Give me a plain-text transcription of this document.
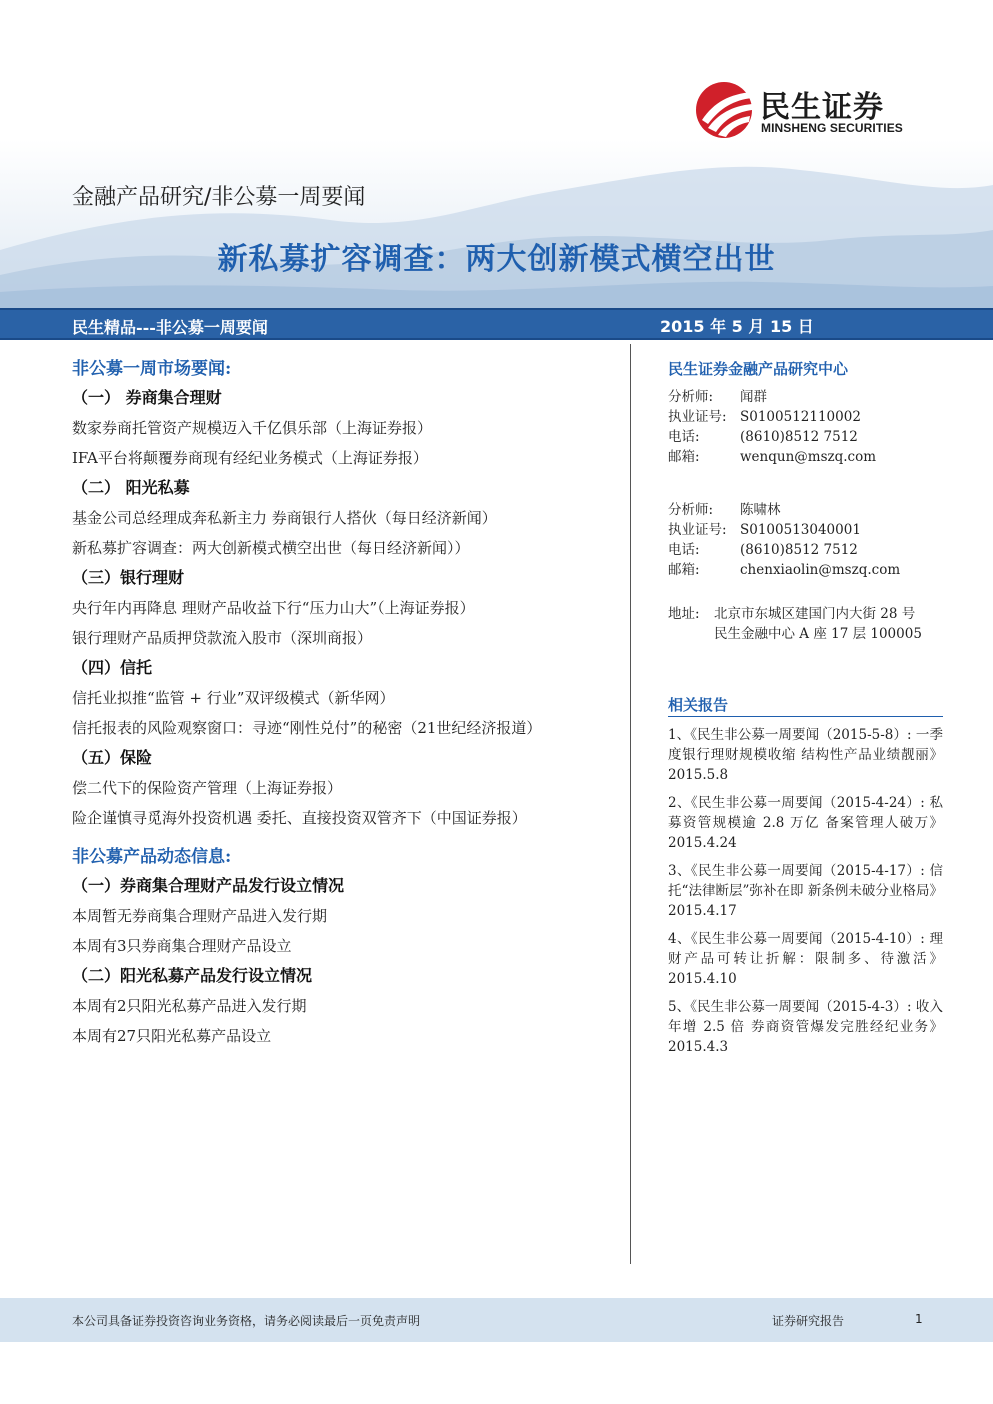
民生证券
MINSHENG SECURITIES
金融产品研究/非公募一周要闻
新私募扩容调查：两大创新模式横空出世
民生精品---非公募一周要闻	2015 年 5 月 15 日
非公募一周市场要闻:
（一） 券商集合理财
数家券商托管资产规模迈入千亿俱乐部（上海证券报）
IFA平台将颠覆券商现有经纪业务模式（上海证券报）
（二） 阳光私募
基金公司总经理成奔私新主力 券商银行人搭伙（每日经济新闻）
新私募扩容调查：两大创新模式横空出世（每日经济新闻））
（三）银行理财
央行年内再降息 理财产品收益下行“压力山大”（上海证券报）
银行理财产品质押贷款流入股市（深圳商报）
（四）信托
信托业拟推“监管 + 行业”双评级模式（新华网）
信托报表的风险观察窗口：寻迹“刚性兑付”的秘密（21世纪经济报道）
（五）保险
偿二代下的保险资产管理（上海证券报）
险企谨慎寻觅海外投资机遇 委托、直接投资双管齐下（中国证券报）
非公募产品动态信息:
（一）券商集合理财产品发行设立情况
本周暂无券商集合理财产品进入发行期
本周有3只券商集合理财产品设立
（二）阳光私募产品发行设立情况
本周有2只阳光私募产品进入发行期
本周有27只阳光私募产品设立
民生证券金融产品研究中心
分析师: 闻群
执业证号: S0100512110002
电话:	(8610)8512 7512
邮箱:	wenqun@mszq.com
分析师: 陈啸林
执业证号: S0100513040001
电话:	(8610)8512 7512
邮箱:	chenxiaolin@mszq.com
地址: 北京市东城区建国门内大街 28 号
民生金融中心 A 座 17 层 100005
相关报告
1、《民生非公募一周要闻（2015-5-8）: 一季度银行理财规模收缩 结构性产品业绩靓丽》2015.5.8
2、《民生非公募一周要闻（2015-4-24）: 私募资管规模逾 2.8 万亿 备案管理人破万》2015.4.24
3、《民生非公募一周要闻（2015-4-17）: 信托“法律断层”弥补在即 新条例未破分业格局》2015.4.17
4、《民生非公募一周要闻（2015-4-10）: 理财产品可转让折解：限制多、待激活》2015.4.10
5、《民生非公募一周要闻（2015-4-3）: 收入年增 2.5 倍 券商资管爆发完胜经纪业务》2015.4.3
本公司具备证券投资咨询业务资格，请务必阅读最后一页免责声明	证券研究报告	1
